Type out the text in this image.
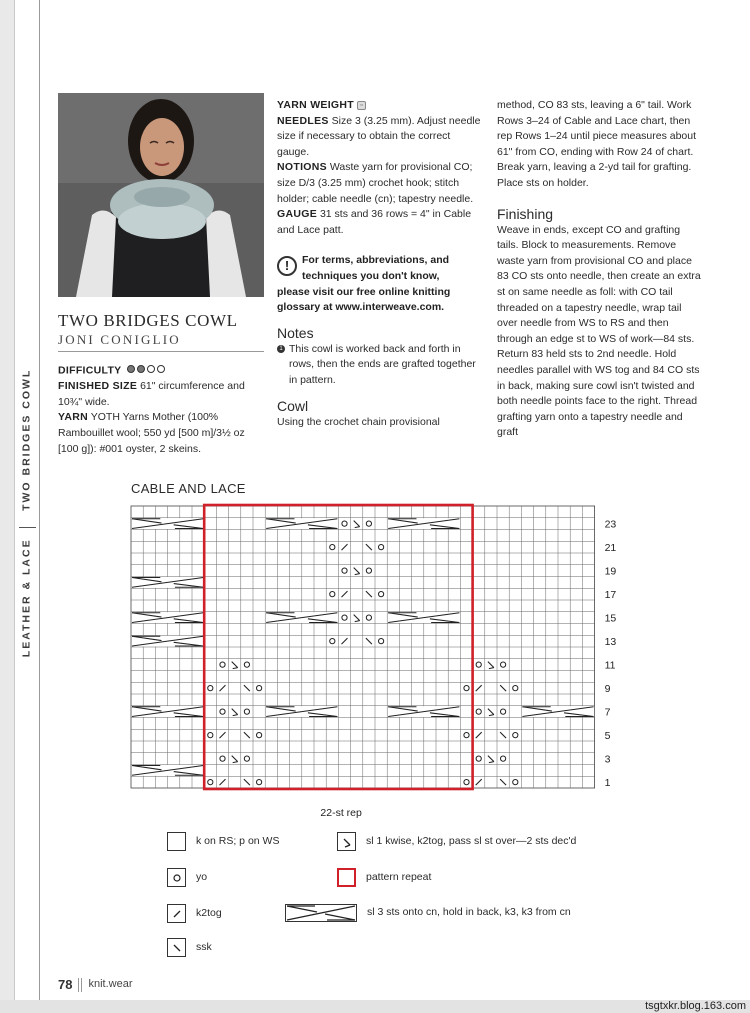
TWO BRIDGES COWL
LEATHER & LACE
TWO BRIDGES COWL
JONI CONIGLIO

DIFFICULTY

FINISHED SIZE 61" circumference and 10¾" wide.

YARN YOTH Yarns Mother (100% Rambouillet wool; 550 yd [500 m]/3½ oz [100 g]): #001 oyster, 2 skeins.

YARN WEIGHT ▫

NEEDLES Size 3 (3.25 mm). Adjust needle size if necessary to obtain the correct gauge.

NOTIONS Waste yarn for provisional CO; size D/3 (3.25 mm) crochet hook; stitch holder; cable needle (cn); tapestry needle.

GAUGE 31 sts and 36 rows = 4" in Cable and Lace patt.

!	For terms, abbreviations, and techniques you don't know,
please visit our free online knitting glossary at www.interweave.com.
Notes
1 This cowl is worked back and forth in rows, then the ends are grafted together in pattern.
Cowl

Using the crochet chain provisional

method, CO 83 sts, leaving a 6" tail. Work Rows 3–24 of Cable and Lace chart, then rep Rows 1–24 until piece measures about 61" from CO, ending with Row 24 of chart. Break yarn, leaving a 2-yd tail for grafting. Place sts on holder.

Finishing

Weave in ends, except CO and grafting tails. Block to measurements. Remove waste yarn from provisional CO and place 83 CO sts onto needle, then create an extra st on same needle as foll: with CO tail threaded on a tapestry needle, wrap tail over needle from WS to RS and then through an edge st to WS of work—84 sts. Return 83 held sts to 2nd needle. Hold needles parallel with WS tog and 84 CO sts in back, making sure cowl isn't twisted and both needle points face to the right. Thread grafting yarn onto a tapestry needle and graft

CABLE AND LACE
23
21
19
17
15
13
11
9
7
5
3
1
22-st rep
k on RS; p on WS
yo
k2tog
ssk
sl 1 kwise, k2tog, pass sl st over—2 sts dec'd
pattern repeat
sl 3 sts onto cn, hold in back, k3, k3 from cn
78 knit.wear
tsgtxkr.blog.163.com
